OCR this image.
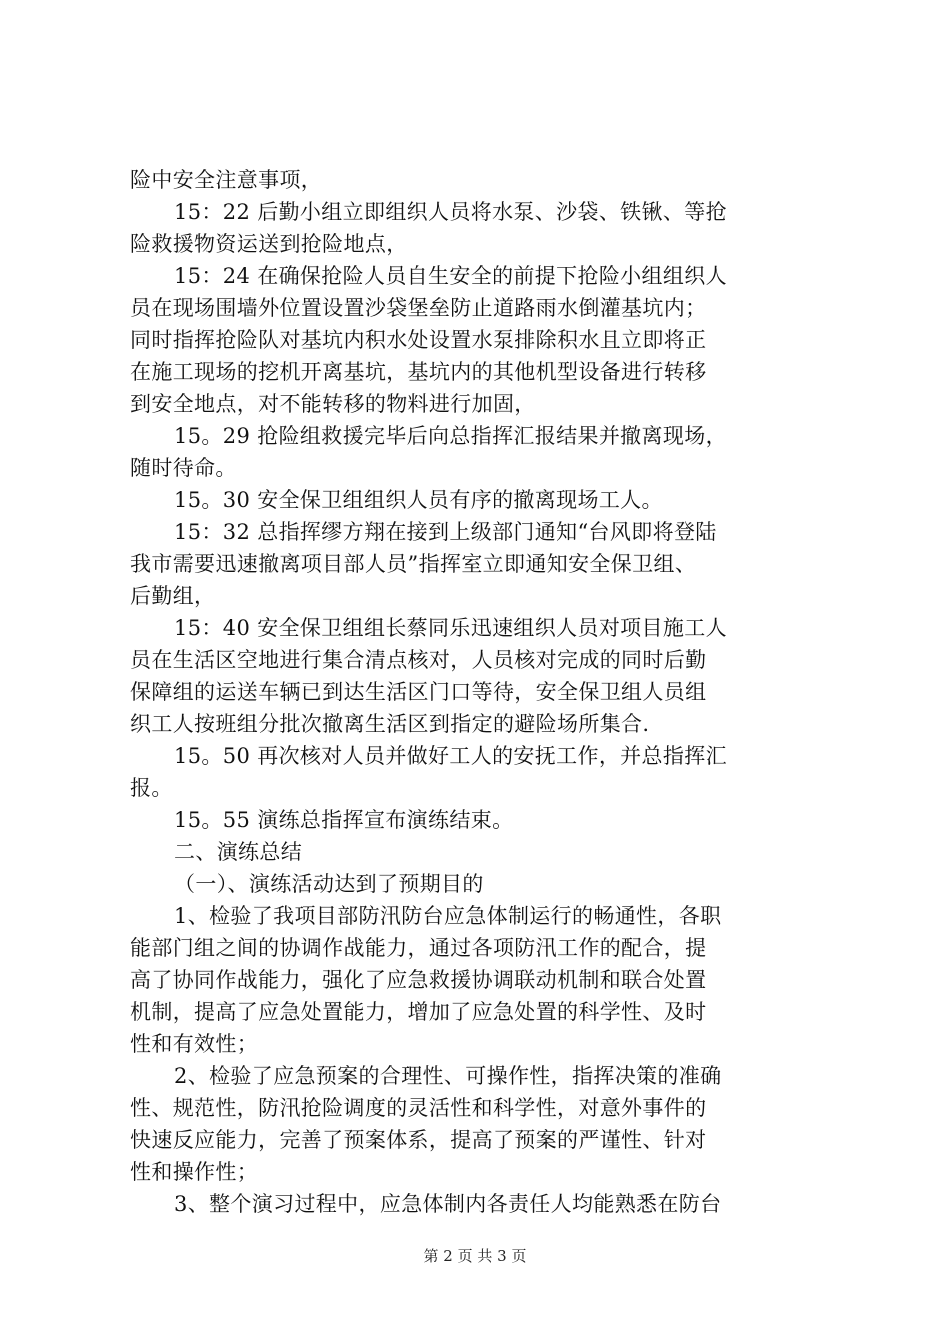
险中安全注意事项，
15：22 后勤小组立即组织人员将水泵、沙袋、铁锹、等抢
险救援物资运送到抢险地点，
15：24 在确保抢险人员自生安全的前提下抢险小组组织人
员在现场围墙外位置设置沙袋堡垒防止道路雨水倒灌基坑内；
同时指挥抢险队对基坑内积水处设置水泵排除积水且立即将正
在施工现场的挖机开离基坑，基坑内的其他机型设备进行转移
到安全地点，对不能转移的物料进行加固，
15。29 抢险组救援完毕后向总指挥汇报结果并撤离现场，
随时待命。
15。30 安全保卫组组织人员有序的撤离现场工人。
15：32 总指挥缪方翔在接到上级部门通知“台风即将登陆
我市需要迅速撤离项目部人员”指挥室立即通知安全保卫组、
后勤组，
15：40 安全保卫组组长蔡同乐迅速组织人员对项目施工人
员在生活区空地进行集合清点核对，人员核对完成的同时后勤
保障组的运送车辆已到达生活区门口等待，安全保卫组人员组
织工人按班组分批次撤离生活区到指定的避险场所集合.
15。50 再次核对人员并做好工人的安抚工作，并总指挥汇
报。
15。55 演练总指挥宣布演练结束。
二、演练总结
（一）、演练活动达到了预期目的
1、检验了我项目部防汛防台应急体制运行的畅通性，各职
能部门组之间的协调作战能力，通过各项防汛工作的配合，提
高了协同作战能力，强化了应急救援协调联动机制和联合处置
机制，提高了应急处置能力，增加了应急处置的科学性、及时
性和有效性；
2、检验了应急预案的合理性、可操作性，指挥决策的准确
性、规范性，防汛抢险调度的灵活性和科学性，对意外事件的
快速反应能力，完善了预案体系，提高了预案的严谨性、针对
性和操作性；
3、整个演习过程中，应急体制内各责任人均能熟悉在防台
第 2 页 共 3 页
